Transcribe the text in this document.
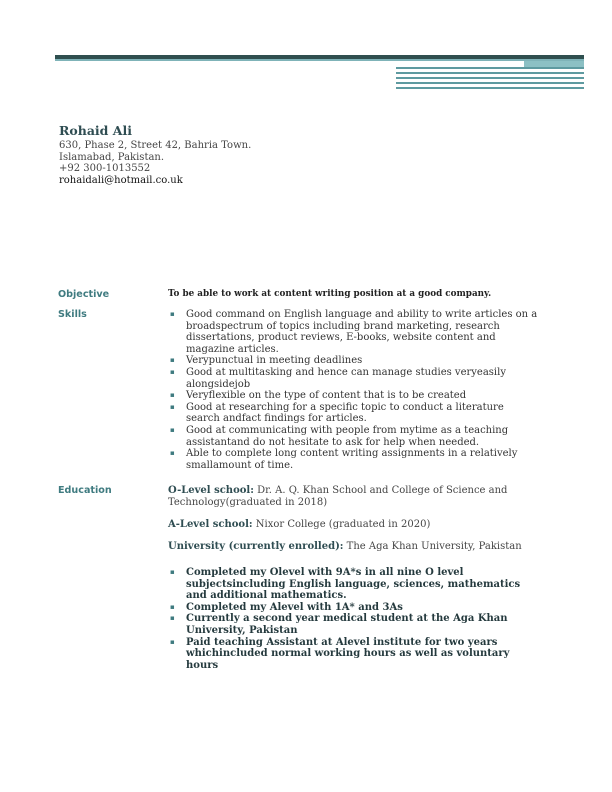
Rohaid Ali
630, Phase 2, Street 42, Bahria Town.
Islamabad, Pakistan.
+92 300-1013552
rohaidali@hotmail.co.uk
Objective	To be able to work at content writing position at a good company.
Skills	▪ Good command on English language and ability to write articles on a broadspectrum of topics including brand marketing, research dissertations, product reviews, E-books, website content and magazine articles.
▪ Verypunctual in meeting deadlines
▪ Good at multitasking and hence can manage studies veryeasily alongsidejob
▪ Veryflexible on the type of content that is to be created
▪ Good at researching for a specific topic to conduct a literature search andfact findings for articles.
▪ Good at communicating with people from mytime as a teaching assistantand do not hesitate to ask for help when needed.
▪ Able to complete long content writing assignments in a relatively smallamount of time.
Education	O-Level school: Dr. A. Q. Khan School and College of Science and Technology(graduated in 2018)

A-Level school: Nixor College (graduated in 2020)

University (currently enrolled): The Aga Khan University, Pakistan

▪ Completed my Olevel with 9A*s in all nine O level subjectsincluding English language, sciences, mathematics and additional mathematics.
▪ Completed my Alevel with 1A* and 3As
▪ Currently a second year medical student at the Aga Khan University, Pakistan
▪ Paid teaching Assistant at Alevel institute for two years whichincluded normal working hours as well as voluntary hours
